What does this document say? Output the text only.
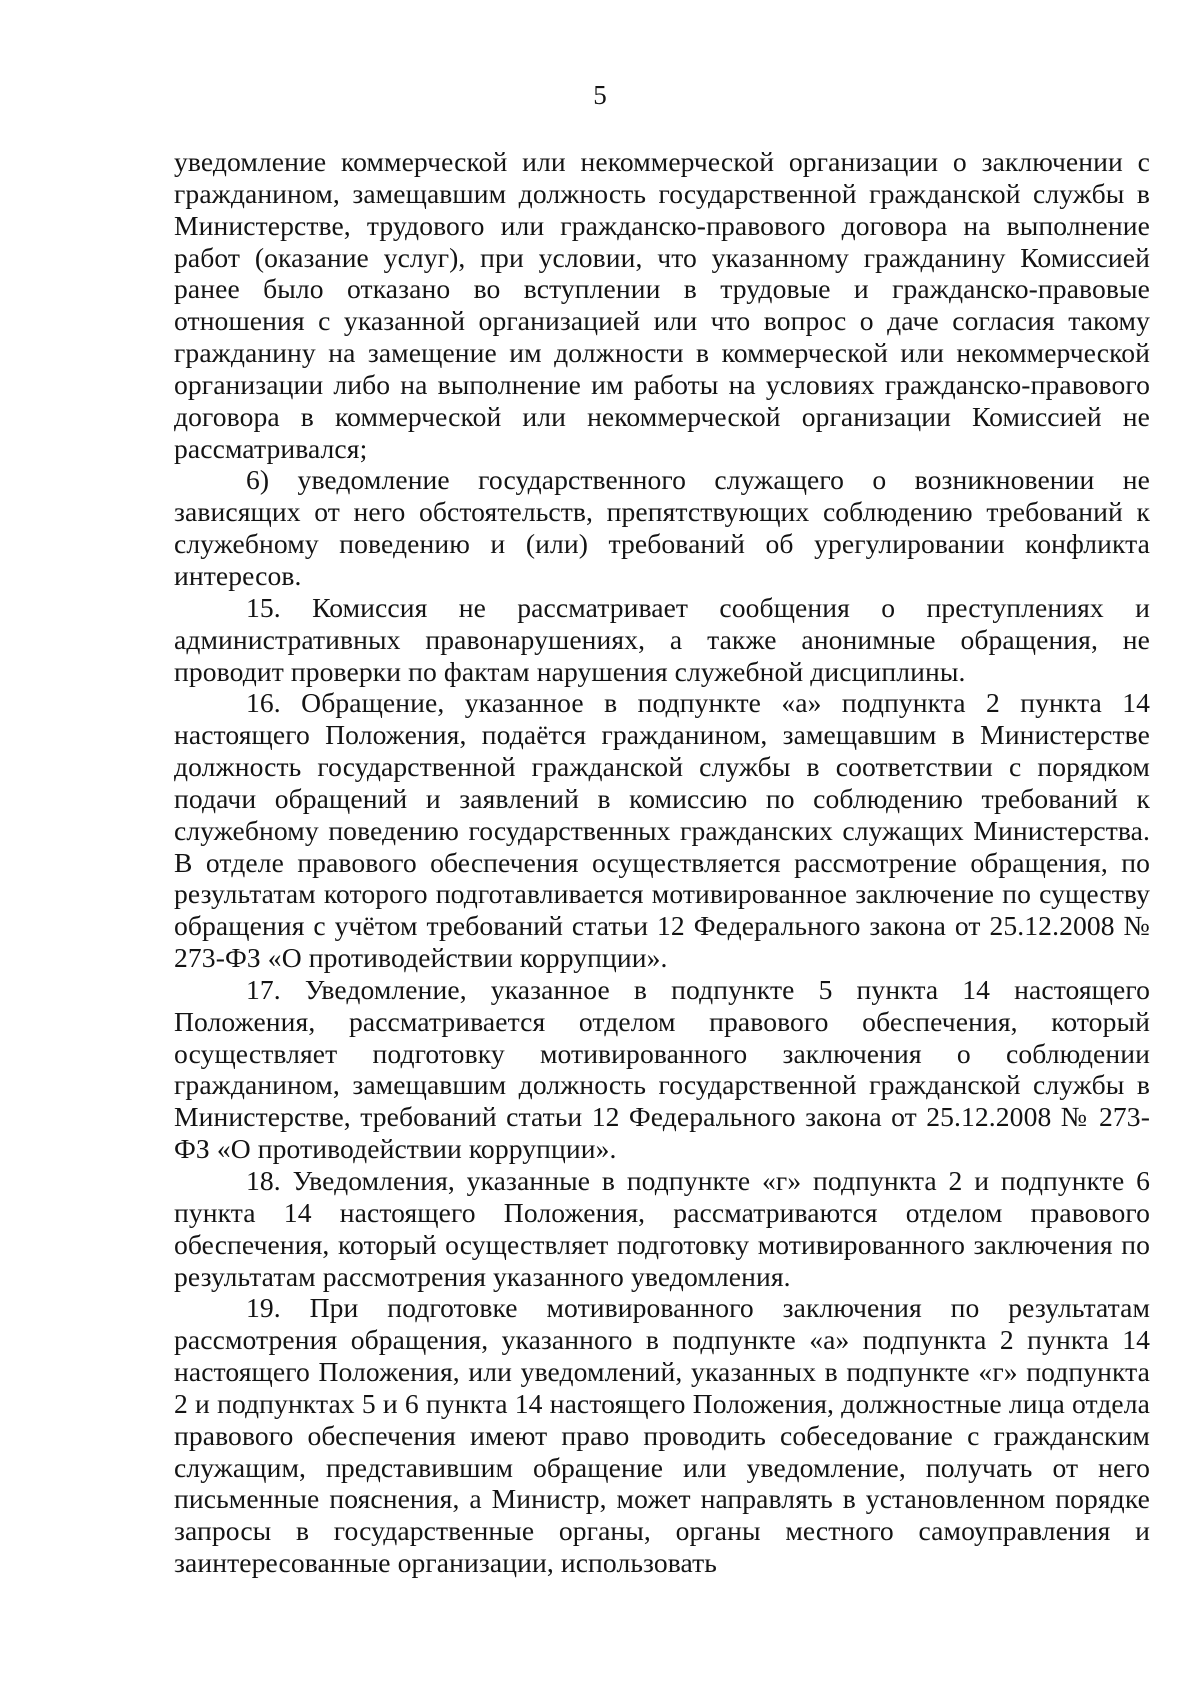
5

уведомление коммерческой или некоммерческой организации о заключении с гражданином, замещавшим должность государственной гражданской службы в Министерстве, трудового или гражданско-правового договора на выполнение работ (оказание услуг), при условии, что указанному гражданину Комиссией ранее было отказано во вступлении в трудовые и гражданско-правовые отношения с указанной организацией или что вопрос о даче согласия такому гражданину на замещение им должности в коммерческой или некоммерческой организации либо на выполнение им работы на условиях гражданско-правового договора в коммерческой или некоммерческой организации Комиссией не рассматривался;

6) уведомление государственного служащего о возникновении не зависящих от него обстоятельств, препятствующих соблюдению требований к служебному поведению и (или) требований об урегулировании конфликта интересов.

15. Комиссия не рассматривает сообщения о преступлениях и административных правонарушениях, а также анонимные обращения, не проводит проверки по фактам нарушения служебной дисциплины.

16. Обращение, указанное в подпункте «а» подпункта 2 пункта 14 настоящего Положения, подаётся гражданином, замещавшим в Министерстве должность государственной гражданской службы в соответствии с порядком подачи обращений и заявлений в комиссию по соблюдению требований к служебному поведению государственных гражданских служащих Министерства. В отделе правового обеспечения осуществляется рассмотрение обращения, по результатам которого подготавливается мотивированное заключение по существу обращения с учётом требований статьи 12 Федерального закона от 25.12.2008 № 273-ФЗ «О противодействии коррупции».

17. Уведомление, указанное в подпункте 5 пункта 14 настоящего Положения, рассматривается отделом правового обеспечения, который осуществляет подготовку мотивированного заключения о соблюдении гражданином, замещавшим должность государственной гражданской службы в Министерстве, требований статьи 12 Федерального закона от 25.12.2008 № 273-ФЗ «О противодействии коррупции».

18. Уведомления, указанные в подпункте «г» подпункта 2 и подпункте 6 пункта 14 настоящего Положения, рассматриваются отделом правового обеспечения, который осуществляет подготовку мотивированного заключения по результатам рассмотрения указанного уведомления.

19. При подготовке мотивированного заключения по результатам рассмотрения обращения, указанного в подпункте «а» подпункта 2 пункта 14 настоящего Положения, или уведомлений, указанных в подпункте «г» подпункта 2 и подпунктах 5 и 6 пункта 14 настоящего Положения, должностные лица отдела правового обеспечения имеют право проводить собеседование с гражданским служащим, представившим обращение или уведомление, получать от него письменные пояснения, а Министр, может направлять в установленном порядке запросы в государственные органы, органы местного самоуправления и заинтересованные организации, использовать
